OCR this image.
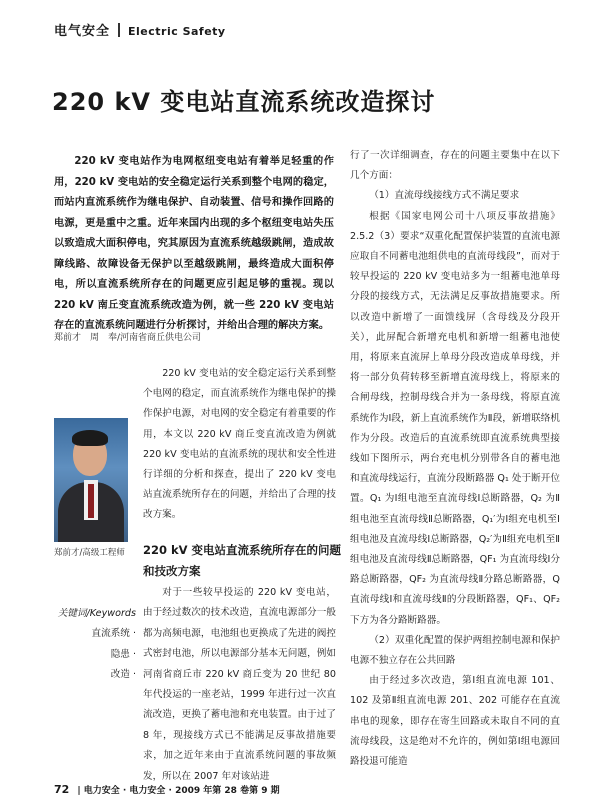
电气安全 Electric Safety
220 kV 变电站直流系统改造探讨
220 kV 变电站作为电网枢纽变电站有着举足轻重的作用，220 kV 变电站的安全稳定运行关系到整个电网的稳定，而站内直流系统作为继电保护、自动装置、信号和操作回路的电源，更是重中之重。近年来国内出现的多个枢纽变电站失压以致造成大面积停电，究其原因为直流系统越级跳闸，造成故障线路、故障设备无保护以至越级跳闸，最终造成大面积停电，所以直流系统所存在的问题更应引起足够的重视。现以 220 kV 南丘变直流系统改造为例，就一些 220 kV 变电站存在的直流系统问题进行分析探讨，并给出合理的解决方案。
郑前才　周　奉/河南省商丘供电公司
220 kV 变电站的安全稳定运行关系到整个电网的稳定，而直流系统作为继电保护的操作保护电源，对电网的安全稳定有着重要的作用，本文以 220 kV 商丘变直流改造为例就 220 kV 变电站的直流系统的现状和安全性进行详细的分析和探查，提出了 220 kV 变电站直流系统所存在的问题，并给出了合理的技改方案。
郑前才/高级工程师 220 kV 变电站直流系统所存在的问题和技改方案
关键词/Keywords
直流系统 ·
隐患 ·
改造 ·
对于一些较早投运的 220 kV 变电站，由于经过数次的技术改造，直流电源部分一般都为高频电源，电池组也更换成了先进的阀控式密封电池，所以电源部分基本无问题，例如河南省商丘市 220 kV 商丘变为 20 世纪 80 年代投运的一座老站，1999 年进行过一次直流改造，更换了蓄电池和充电装置。由于过了 8 年，现接线方式已不能满足反事故措施要求，加之近年来由于直流系统问题的事故频发，所以在 2007 年对该站进

行了一次详细调查，存在的问题主要集中在以下几个方面：

（1）直流母线接线方式不满足要求

根据《国家电网公司十八项反事故措施》2.5.2（3）要求“双重化配置保护装置的直流电源应取自不同蓄电池组供电的直流母线段”，而对于较早投运的 220 kV 变电站多为一组蓄电池单母分段的接线方式，无法满足反事故措施要求。所以改造中新增了一面馈线屏（含母线及分段开关），此屏配合新增充电机和新增一组蓄电池使用，将原来直流屏上单母分段改造成单母线，并将一部分负荷转移至新增直流母线上，将原来的合闸母线，控制母线合并为一条母线，将原直流系统作为Ⅰ段，新上直流系统作为Ⅱ段，新增联络机作为分段。改造后的直流系统即直流系统典型接线如下图所示，两台充电机分别带各自的蓄电池和直流母线运行，直流分段断路器 Q₁ 处于断开位置。Q₁ 为Ⅰ组电池至直流母线Ⅰ总断路器，Q₂ 为Ⅱ组电池至直流母线Ⅱ总断路器，Q₁′为Ⅰ组充电机至Ⅰ组电池及直流母线Ⅰ总断路器，Q₂′为Ⅱ组充电机至Ⅱ组电池及直流母线Ⅱ总断路器，QF₁ 为直流母线Ⅰ分路总断路器，QF₂ 为直流母线Ⅱ分路总断路器，Q 直流母线Ⅰ和直流母线Ⅱ的分段断路器，QF₁、QF₂ 下方为各分路断路器。

（2）双重化配置的保护两组控制电源和保护电源不独立存在公共回路

由于经过多次改造，第Ⅰ组直流电源 101、102 及第Ⅱ组直流电源 201、202 可能存在直流串电的现象，即存在寄生回路或未取自不同的直流母线段，这是绝对不允许的，例如第Ⅰ组电源回路投退可能造

72 | 电力安全 · 电力安全 · 2009 年第 28 卷第 9 期
